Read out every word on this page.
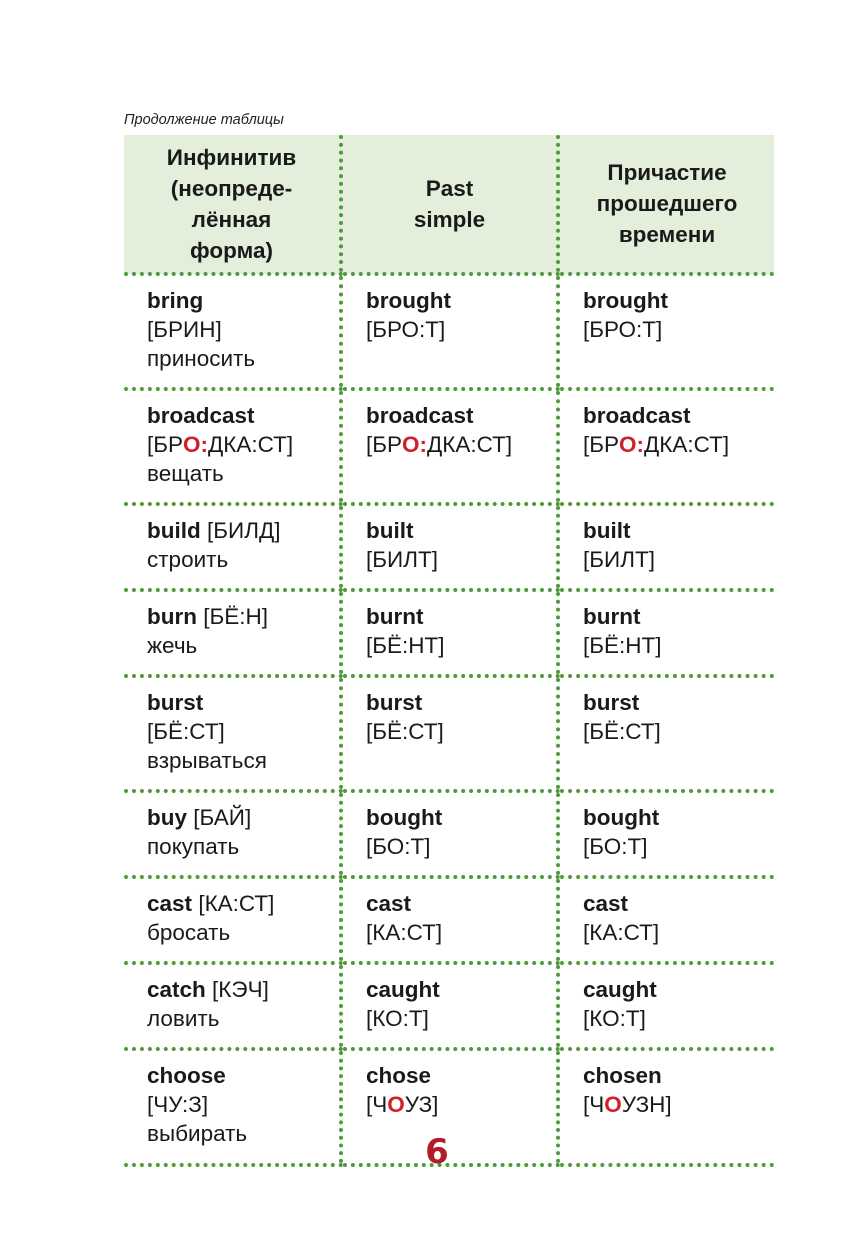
Продолжение таблицы
Инфинитив
(неопреде-
лённая
форма)	Past
simple	Причастие
прошедшего
времени

bring
[БРИН]
приносить	brought
[БРО:Т]	brought
[БРО:Т]

broadcast
[БРО:ДКА:СТ]
вещать	broadcast
[БРО:ДКА:СТ]	broadcast
[БРО:ДКА:СТ]

build [БИЛД]
строить	built
[БИЛТ]	built
[БИЛТ]

burn [БЁ:Н]
жечь	burnt
[БЁ:НТ]	burnt
[БЁ:НТ]

burst
[БЁ:СТ]
взрываться	burst
[БЁ:СТ]	burst
[БЁ:СТ]

buy [БАЙ]
покупать	bought
[БО:Т]	bought
[БО:Т]

cast [КА:СТ]
бросать	cast
[КА:СТ]	cast
[КА:СТ]

catch [КЭЧ]
ловить	caught
[КО:Т]	caught
[КО:Т]

choose
[ЧУ:З]
выбирать	chose
[ЧОУЗ]	chosen
[ЧОУЗН]
6
